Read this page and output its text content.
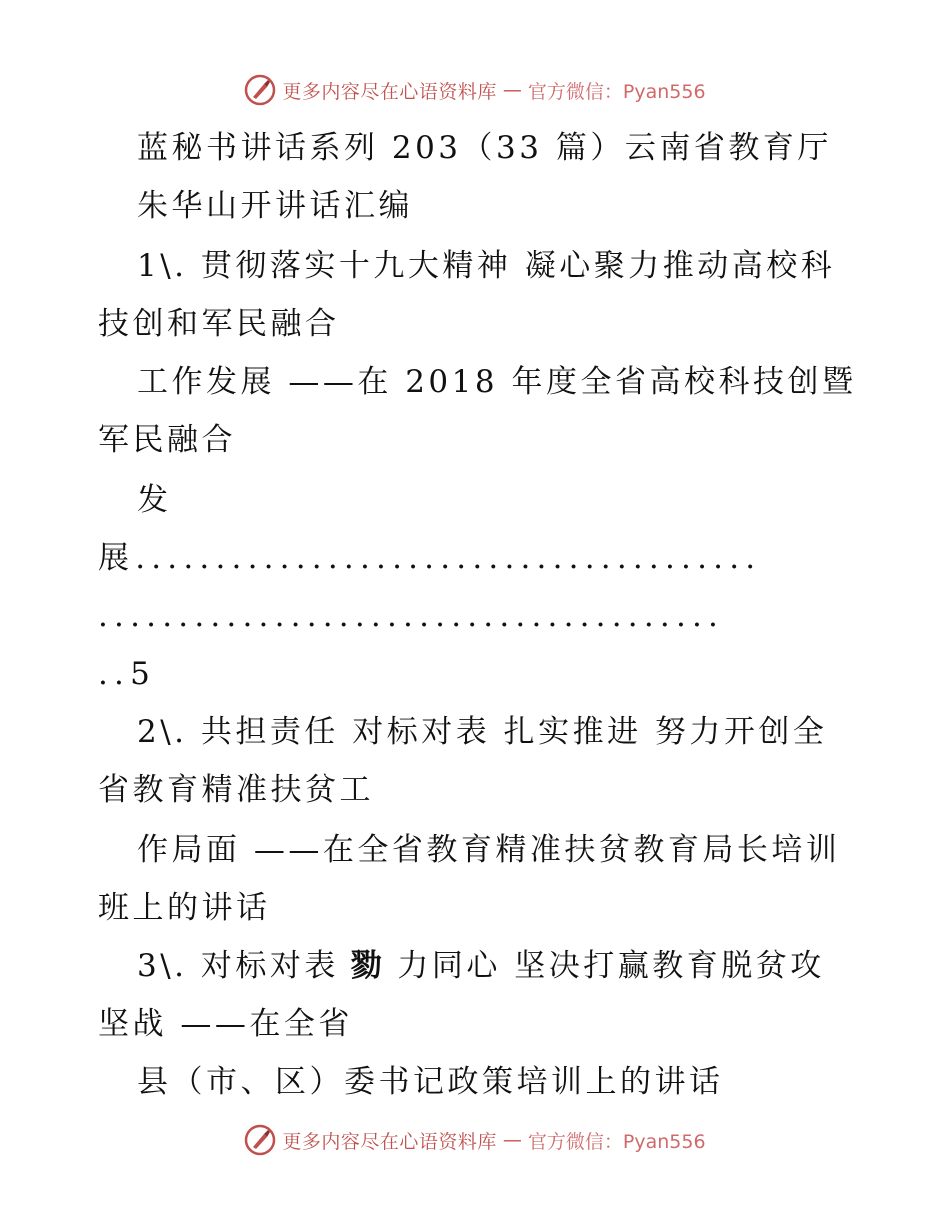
更多内容尽在心语资料库 — 官方微信：Pyan556
蓝秘书讲话系列 203（33 篇）云南省教育厅
朱华山开讲话汇编
1\. 贯彻落实十九大精神 凝心聚力推动高校科
技创和军民融合
工作发展 ——在 2018 年度全省高校科技创暨
军民融合
发
展.......................................
.......................................
..5
2\. 共担责任 对标对表 扎实推进 努力开创全
省教育精准扶贫工
作局面 ——在全省教育精准扶贫教育局长培训
班上的讲话
3\. 对标对表 勠 力同心 坚决打赢教育脱贫攻
坚战 ——在全省
县（市、区）委书记政策培训上的讲话
更多内容尽在心语资料库 — 官方微信：Pyan556
